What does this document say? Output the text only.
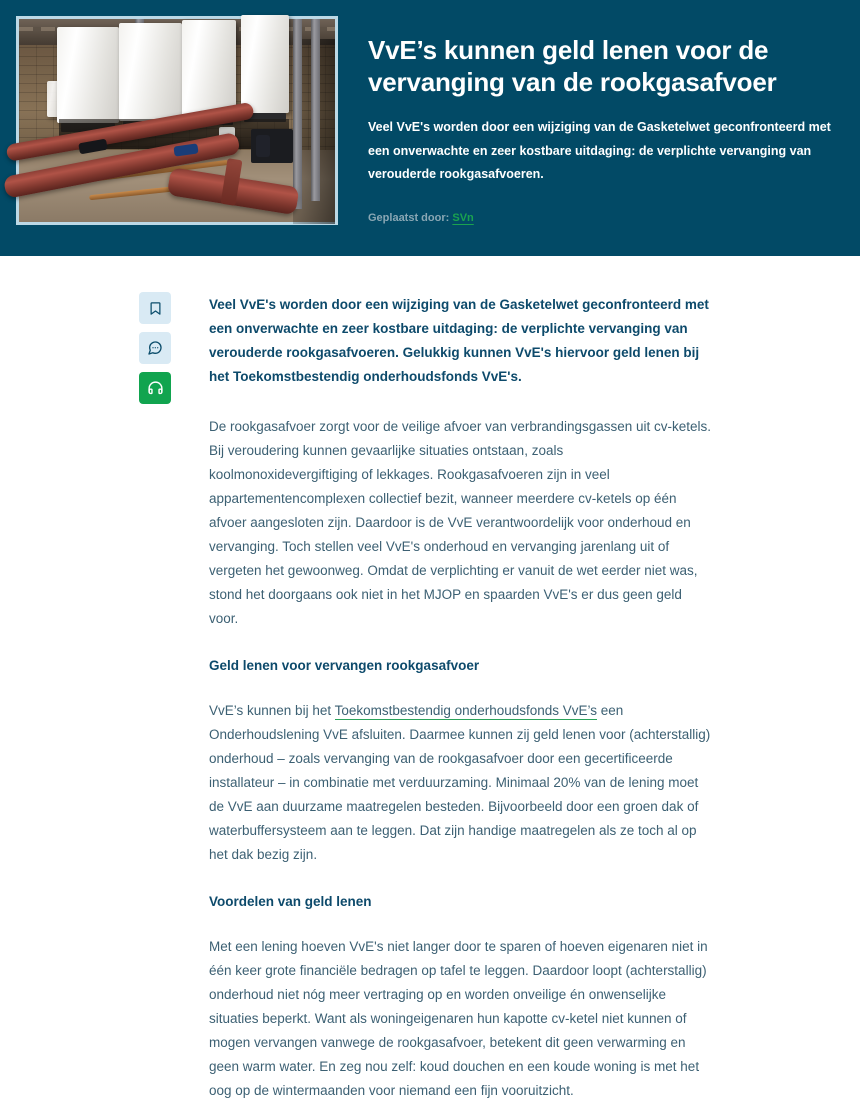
VvE’s kunnen geld lenen voor de vervanging van de rookgasafvoer

Veel VvE's worden door een wijziging van de Gasketelwet geconfronteerd met een onverwachte en zeer kostbare uitdaging: de verplichte vervanging van verouderde rookgasafvoeren.

Geplaatst door: SVn

Veel VvE's worden door een wijziging van de Gasketelwet geconfronteerd met een onverwachte en zeer kostbare uitdaging: de verplichte vervanging van verouderde rookgasafvoeren. Gelukkig kunnen VvE's hiervoor geld lenen bij het Toekomstbestendig onderhoudsfonds VvE's.

De rookgasafvoer zorgt voor de veilige afvoer van verbrandingsgassen uit cv-ketels. Bij veroudering kunnen gevaarlijke situaties ontstaan, zoals koolmonoxidevergiftiging of lekkages. Rookgasafvoeren zijn in veel appartementencomplexen collectief bezit, wanneer meerdere cv-ketels op één afvoer aangesloten zijn. Daardoor is de VvE verantwoordelijk voor onderhoud en vervanging. Toch stellen veel VvE's onderhoud en vervanging jarenlang uit of vergeten het gewoonweg. Omdat de verplichting er vanuit de wet eerder niet was, stond het doorgaans ook niet in het MJOP en spaarden VvE's er dus geen geld voor.

Geld lenen voor vervangen rookgasafvoer

VvE’s kunnen bij het Toekomstbestendig onderhoudsfonds VvE’s een Onderhoudslening VvE afsluiten. Daarmee kunnen zij geld lenen voor (achterstallig) onderhoud – zoals vervanging van de rookgasafvoer door een gecertificeerde installateur – in combinatie met verduurzaming. Minimaal 20% van de lening moet de VvE aan duurzame maatregelen besteden. Bijvoorbeeld door een groen dak of waterbuffersysteem aan te leggen. Dat zijn handige maatregelen als ze toch al op het dak bezig zijn.

Voordelen van geld lenen

Met een lening hoeven VvE's niet langer door te sparen of hoeven eigenaren niet in één keer grote financiële bedragen op tafel te leggen. Daardoor loopt (achterstallig) onderhoud niet nóg meer vertraging op en worden onveilige én onwenselijke situaties beperkt. Want als woningeigenaren hun kapotte cv-ketel niet kunnen of mogen vervangen vanwege de rookgasafvoer, betekent dit geen verwarming en geen warm water. En zeg nou zelf: koud douchen en een koude woning is met het oog op de wintermaanden voor niemand een fijn vooruitzicht.
